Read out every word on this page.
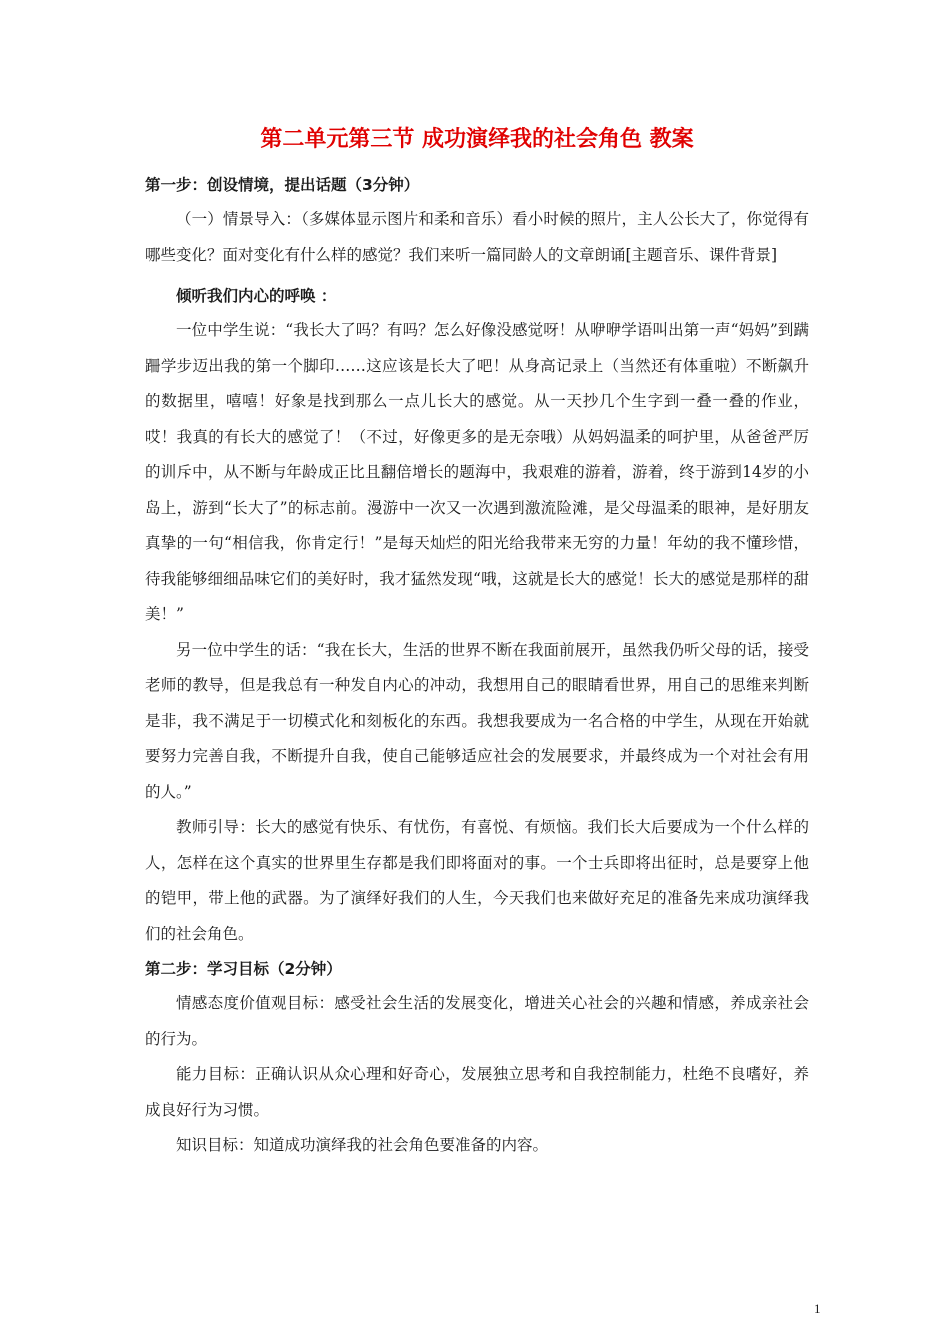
第二单元第三节 成功演绎我的社会角色 教案
第一步：创设情境，提出话题（3分钟）

（一）情景导入：（多媒体显示图片和柔和音乐）看小时候的照片，主人公长大了，你觉得有哪些变化？面对变化有什么样的感觉？我们来听一篇同龄人的文章朗诵[主题音乐、课件背景]

倾听我们内心的呼唤 ：

一位中学生说：“我长大了吗？有吗？怎么好像没感觉呀！从咿咿学语叫出第一声“妈妈”到蹒跚学步迈出我的第一个脚印……这应该是长大了吧！从身高记录上（当然还有体重啦）不断飙升的数据里，嘻嘻！好象是找到那么一点儿长大的感觉。从一天抄几个生字到一叠一叠的作业，哎！我真的有长大的感觉了！（不过，好像更多的是无奈哦）从妈妈温柔的呵护里，从爸爸严厉的训斥中，从不断与年龄成正比且翻倍增长的题海中，我艰难的游着，游着，终于游到14岁的小岛上，游到“长大了”的标志前。漫游中一次又一次遇到激流险滩，是父母温柔的眼神，是好朋友真挚的一句“相信我，你肯定行！”是每天灿烂的阳光给我带来无穷的力量！年幼的我不懂珍惜，待我能够细细品味它们的美好时，我才猛然发现“哦，这就是长大的感觉！长大的感觉是那样的甜美！”

另一位中学生的话：“我在长大，生活的世界不断在我面前展开，虽然我仍听父母的话，接受老师的教导，但是我总有一种发自内心的冲动，我想用自己的眼睛看世界，用自己的思维来判断是非，我不满足于一切模式化和刻板化的东西。我想我要成为一名合格的中学生，从现在开始就要努力完善自我，不断提升自我，使自己能够适应社会的发展要求，并最终成为一个对社会有用的人。”

教师引导：长大的感觉有快乐、有忧伤，有喜悦、有烦恼。我们长大后要成为一个什么样的人，怎样在这个真实的世界里生存都是我们即将面对的事。一个士兵即将出征时，总是要穿上他的铠甲，带上他的武器。为了演绎好我们的人生，今天我们也来做好充足的准备先来成功演绎我们的社会角色。

第二步：学习目标（2分钟）

情感态度价值观目标：感受社会生活的发展变化，增进关心社会的兴趣和情感，养成亲社会的行为。

能力目标：正确认识从众心理和好奇心，发展独立思考和自我控制能力，杜绝不良嗜好，养成良好行为习惯。

知识目标：知道成功演绎我的社会角色要准备的内容。

1
